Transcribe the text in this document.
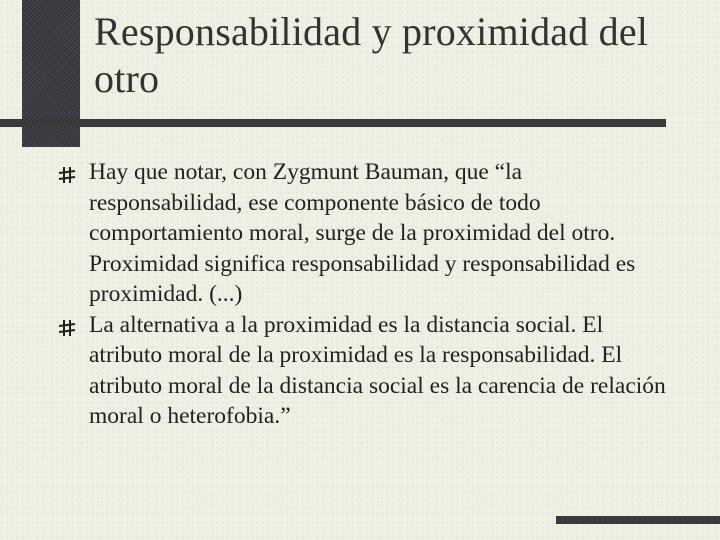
Responsabilidad y proximidad del otro
Hay que notar, con Zygmunt Bauman, que “la responsabilidad, ese componente básico de todo comportamiento moral, surge de la proximidad del otro. Proximidad significa responsabilidad y responsabilidad es proximidad. (...)
La alternativa a la proximidad es la distancia social. El atributo moral de la proximidad es la responsabilidad. El atributo moral de la distancia social es la carencia de relación moral o heterofobia.”
